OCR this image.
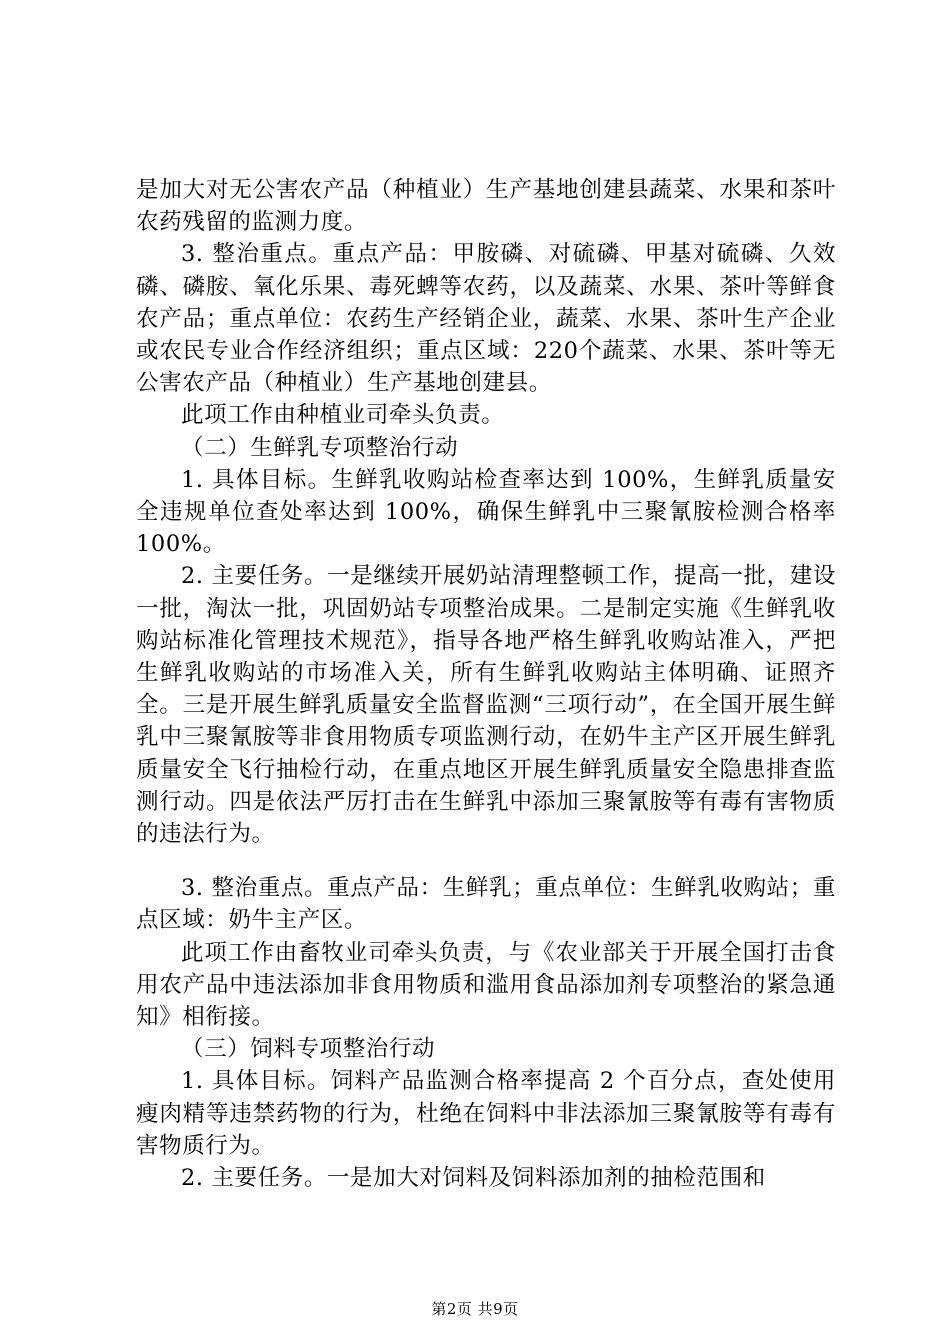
是加大对无公害农产品（种植业）生产基地创建县蔬菜、水果和茶叶农药残留的监测力度。

3. 整治重点。重点产品：甲胺磷、对硫磷、甲基对硫磷、久效磷、磷胺、氧化乐果、毒死蜱等农药，以及蔬菜、水果、茶叶等鲜食农产品；重点单位：农药生产经销企业，蔬菜、水果、茶叶生产企业或农民专业合作经济组织；重点区域：220个蔬菜、水果、茶叶等无公害农产品（种植业）生产基地创建县。

此项工作由种植业司牵头负责。

（二）生鲜乳专项整治行动

1. 具体目标。生鲜乳收购站检查率达到 100%，生鲜乳质量安全违规单位查处率达到 100%，确保生鲜乳中三聚氰胺检测合格率 100%。

2. 主要任务。一是继续开展奶站清理整顿工作，提高一批，建设一批，淘汰一批，巩固奶站专项整治成果。二是制定实施《生鲜乳收购站标准化管理技术规范》，指导各地严格生鲜乳收购站准入，严把生鲜乳收购站的市场准入关，所有生鲜乳收购站主体明确、证照齐全。三是开展生鲜乳质量安全监督监测“三项行动”，在全国开展生鲜乳中三聚氰胺等非食用物质专项监测行动，在奶牛主产区开展生鲜乳质量安全飞行抽检行动，在重点地区开展生鲜乳质量安全隐患排查监测行动。四是依法严厉打击在生鲜乳中添加三聚氰胺等有毒有害物质的违法行为。

3. 整治重点。重点产品：生鲜乳；重点单位：生鲜乳收购站；重点区域：奶牛主产区。

此项工作由畜牧业司牵头负责，与《农业部关于开展全国打击食用农产品中违法添加非食用物质和滥用食品添加剂专项整治的紧急通知》相衔接。

（三）饲料专项整治行动

1. 具体目标。饲料产品监测合格率提高 2 个百分点，查处使用瘦肉精等违禁药物的行为，杜绝在饲料中非法添加三聚氰胺等有毒有害物质行为。

2. 主要任务。一是加大对饲料及饲料添加剂的抽检范围和

第2页 共9页
